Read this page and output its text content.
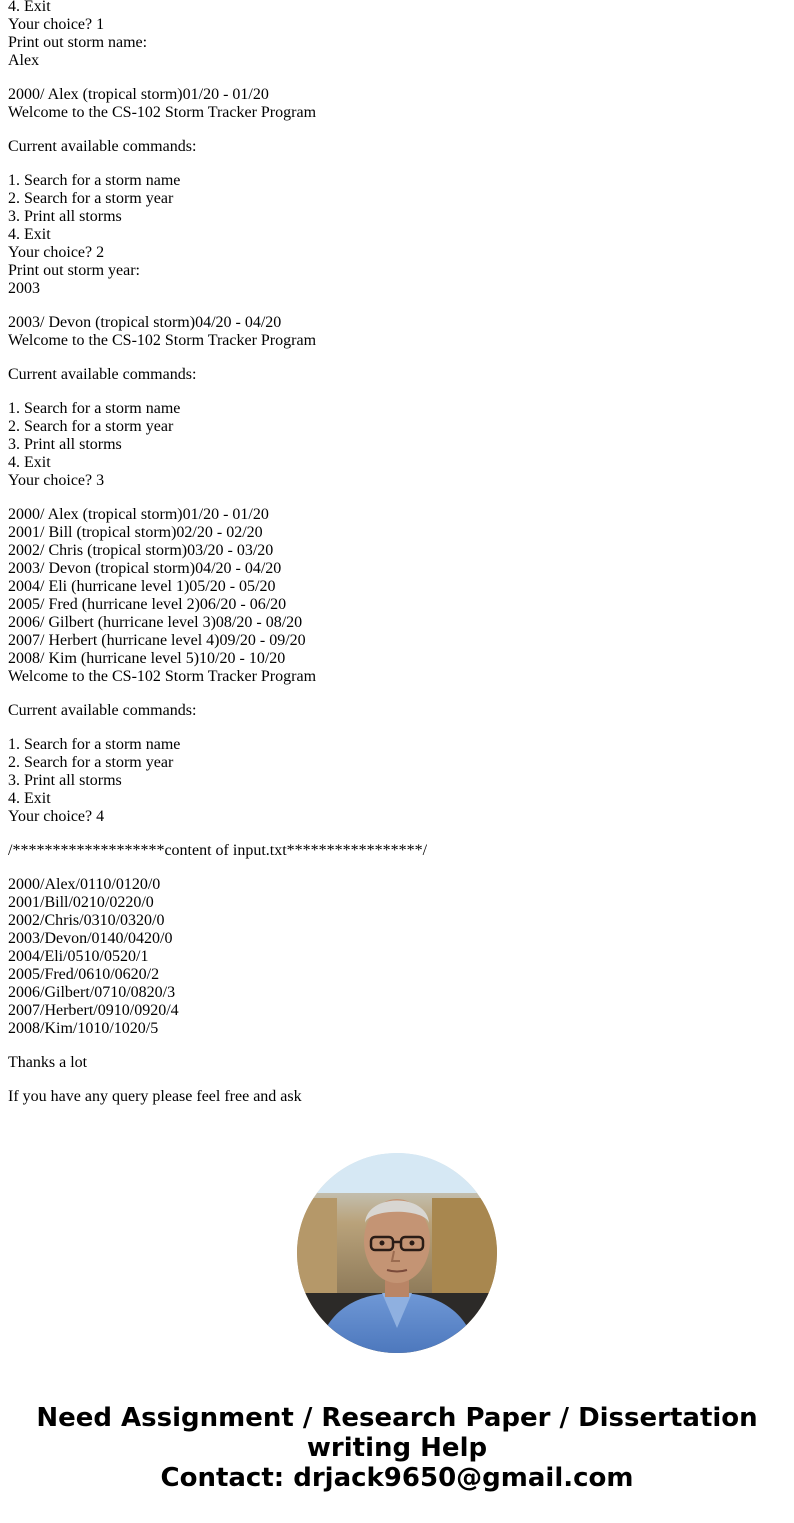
4. Exit
Your choice? 1
Print out storm name:
Alex
2000/ Alex (tropical storm)01/20 - 01/20
Welcome to the CS-102 Storm Tracker Program
Current available commands:
1. Search for a storm name
2. Search for a storm year
3. Print all storms
4. Exit
Your choice? 2
Print out storm year:
2003
2003/ Devon (tropical storm)04/20 - 04/20
Welcome to the CS-102 Storm Tracker Program
Current available commands:
1. Search for a storm name
2. Search for a storm year
3. Print all storms
4. Exit
Your choice? 3
2000/ Alex (tropical storm)01/20 - 01/20
2001/ Bill (tropical storm)02/20 - 02/20
2002/ Chris (tropical storm)03/20 - 03/20
2003/ Devon (tropical storm)04/20 - 04/20
2004/ Eli (hurricane level 1)05/20 - 05/20
2005/ Fred (hurricane level 2)06/20 - 06/20
2006/ Gilbert (hurricane level 3)08/20 - 08/20
2007/ Herbert (hurricane level 4)09/20 - 09/20
2008/ Kim (hurricane level 5)10/20 - 10/20
Welcome to the CS-102 Storm Tracker Program
Current available commands:
1. Search for a storm name
2. Search for a storm year
3. Print all storms
4. Exit
Your choice? 4
/*******************content of input.txt*****************/
2000/Alex/0110/0120/0
2001/Bill/0210/0220/0
2002/Chris/0310/0320/0
2003/Devon/0140/0420/0
2004/Eli/0510/0520/1
2005/Fred/0610/0620/2
2006/Gilbert/0710/0820/3
2007/Herbert/0910/0920/4
2008/Kim/1010/1020/5
Thanks a lot
If you have any query please feel free and ask
Need Assignment / Research Paper / Dissertation
writing Help
Contact: drjack9650@gmail.com
